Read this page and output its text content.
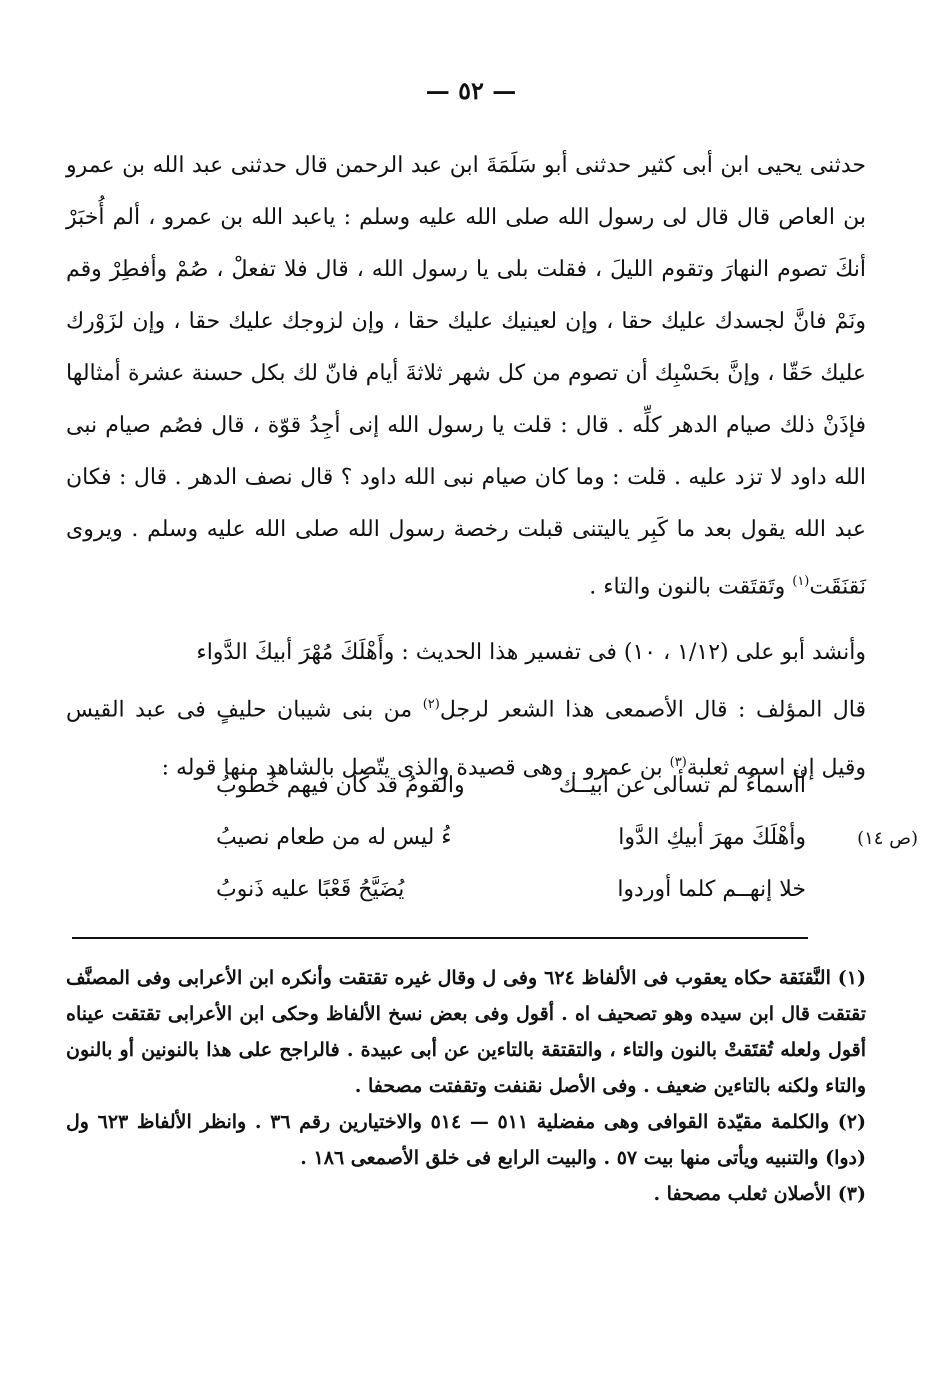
— ٥٢ —

حدثنى يحيى ابن أبى كثير حدثنى أبو سَلَمَةَ ابن عبد الرحمن قال حدثنى عبد الله بن عمرو بن العاص قال قال لى رسول الله صلى الله عليه وسلم : ياعبد الله بن عمرو ، ألم أُخبَرْ أنكَ تصوم النهارَ وتقوم الليلَ ، فقلت بلى يا رسول الله ، قال فلا تفعلْ ، صُمْ وأفطِرْ وقم ونَمْ فانَّ لجسدك عليك حقا ، وإن لعينيك عليك حقا ، وإن لزوجك عليك حقا ، وإن لزَوْرك عليك حَقّا ، وإنَّ بحَسْبِك أن تصوم من كل شهر ثلاثةَ أيام فانّ لك بكل حسنة عشرة أمثالها فإذَنْ ذلك صيام الدهر كلِّه . قال : قلت يا رسول الله إنى أجِدُ قوّة ، قال فصُم صيام نبى الله داود لا تزد عليه . قلت : وما كان صيام نبى الله داود ؟ قال نصف الدهر . قال : فكان عبد الله يقول بعد ما كَبِر ياليتنى قبلت رخصة رسول الله صلى الله عليه وسلم . ويروى نَقنَقَت$^{(١)}$ وتَقتَقت بالنون والتاء .

وأنشد أبو على (١/١٢ ، ١٠) فى تفسير هذا الحديث : وأَهْلَكَ مُهْرَ أبيكَ الدَّواء

قال المؤلف : قال الأصمعى هذا الشعر لرجل$^{(٢)}$ من بنى شيبان حليفٍ فى عبد القيس وقيل إن اسمه ثعلبة$^{(٣)}$ بن عمرو . وهى قصيدة والذى يتّصل بالشاهد منها قوله :

أأسماءُ لم تسألى عن أبيــك
والقومُ قد كان فيهم خُطوبُ
وأهْلَكَ مهرَ أبيكِ الدَّوا
ءُ ليس له من طعام نصيبُ
خلا إنهــم كلما أوردوا
يُضَيَّحُ قَعْبًا عليه ذَنوبُ
(ص ١٤)

(١) النَّقنَقة حكاه يعقوب فى الألفاظ ٦٢٤ وفى ل وقال غيره تقتقت وأنكره ابن الأعرابى وفى المصنَّف تقتقت قال ابن سيده وهو تصحيف اه . أقول وفى بعض نسخ الألفاظ وحكى ابن الأعرابى تقتقت عيناه أقول ولعله تُقتَقتْ بالنون والتاء ، والتقتقة بالتاءين عن أبى عبيدة . فالراجح على هذا بالنونين أو بالنون والتاء ولكنه بالتاءين ضعيف . وفى الأصل نقنفت وتقفتت مصحفا .

(٢) والكلمة مقيّدة القوافى وهى مفضلية ٥١١ — ٥١٤ والاختيارين رقم ٣٦ . وانظر الألفاظ ٦٢٣ ول (دوا) والتنبيه ويأتى منها بيت ٥٧ . والبيت الرابع فى خلق الأصمعى ١٨٦ .

(٣) الأصلان ثعلب مصحفا .
